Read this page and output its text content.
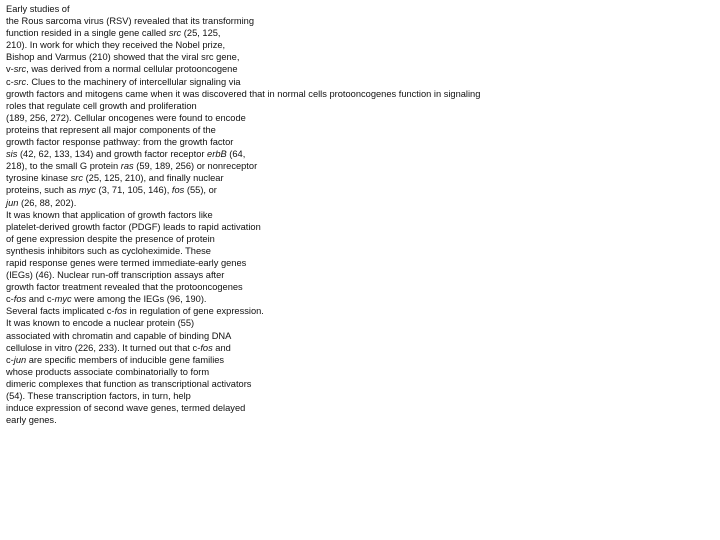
Early studies of
the Rous sarcoma virus (RSV) revealed that its transforming
function resided in a single gene called src (25, 125,
210). In work for which they received the Nobel prize,
Bishop and Varmus (210) showed that the viral src gene,
v-src, was derived from a normal cellular protooncogene
c-src. Clues to the machinery of intercellular signaling via
growth factors and mitogens came when it was discovered that in normal cells protooncogenes function in signaling
roles that regulate cell growth and proliferation
(189, 256, 272). Cellular oncogenes were found to encode
proteins that represent all major components of the
growth factor response pathway: from the growth factor
sis (42, 62, 133, 134) and growth factor receptor erbB (64,
218), to the small G protein ras (59, 189, 256) or nonreceptor
tyrosine kinase src (25, 125, 210), and finally nuclear
proteins, such as myc (3, 71, 105, 146), fos (55), or
jun (26, 88, 202).
It was known that application of growth factors like
platelet-derived growth factor (PDGF) leads to rapid activation
of gene expression despite the presence of protein
synthesis inhibitors such as cycloheximide. These
rapid response genes were termed immediate-early genes
(IEGs) (46). Nuclear run-off transcription assays after
growth factor treatment revealed that the protooncogenes
c-fos and c-myc were among the IEGs (96, 190).
Several facts implicated c-fos in regulation of gene expression.
It was known to encode a nuclear protein (55)
associated with chromatin and capable of binding DNA
cellulose in vitro (226, 233). It turned out that c-fos and
c-jun are specific members of inducible gene families
whose products associate combinatorially to form
dimeric complexes that function as transcriptional activators
(54). These transcription factors, in turn, help
induce expression of second wave genes, termed delayed
early genes.
